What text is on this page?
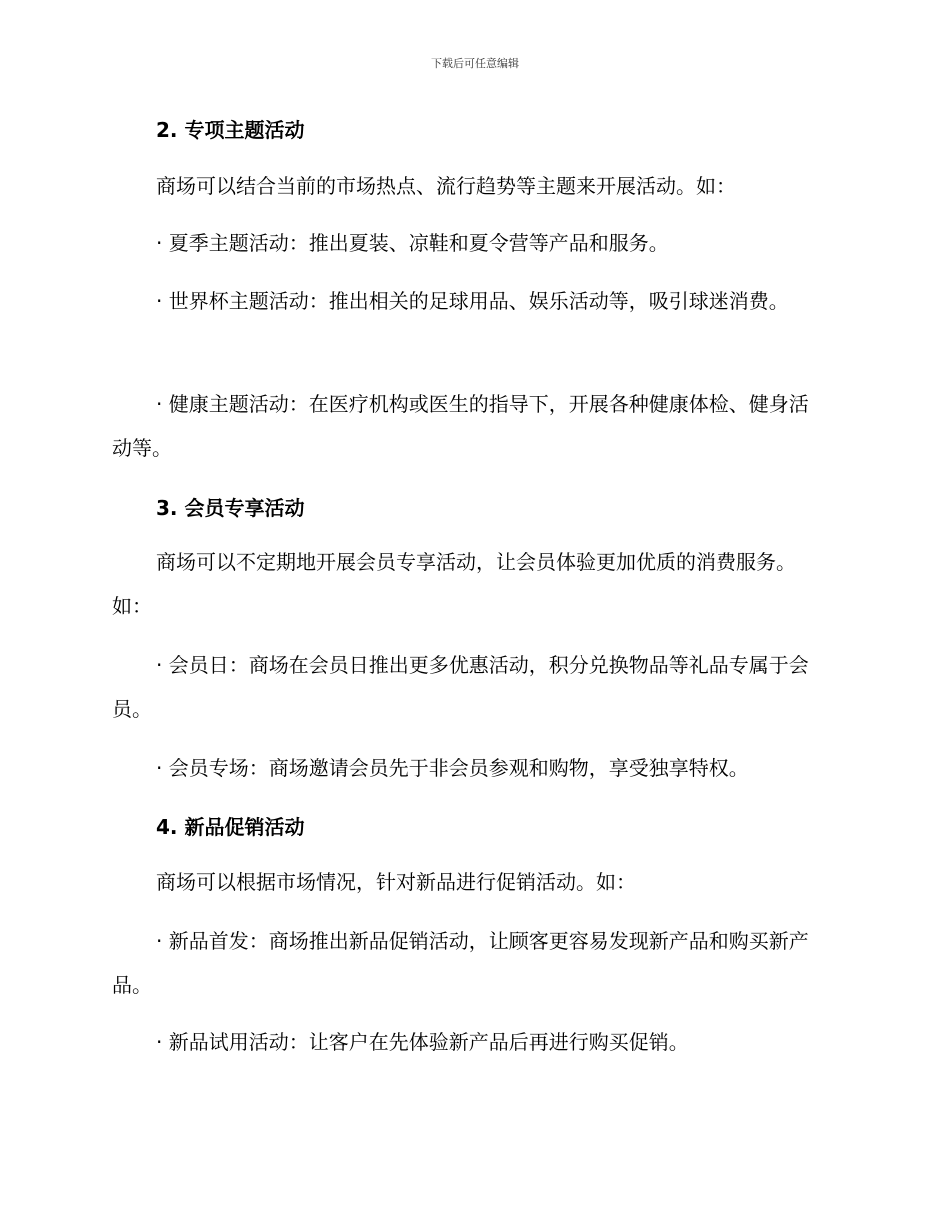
下载后可任意编辑
2. 专项主题活动

商场可以结合当前的市场热点、流行趋势等主题来开展活动。如：

· 夏季主题活动：推出夏装、凉鞋和夏令营等产品和服务。

· 世界杯主题活动：推出相关的足球用品、娱乐活动等，吸引球迷消费。

· 健康主题活动：在医疗机构或医生的指导下，开展各种健康体检、健身活动等。

3. 会员专享活动

商场可以不定期地开展会员专享活动，让会员体验更加优质的消费服务。如：

· 会员日：商场在会员日推出更多优惠活动，积分兑换物品等礼品专属于会员。

· 会员专场：商场邀请会员先于非会员参观和购物，享受独享特权。

4. 新品促销活动

商场可以根据市场情况，针对新品进行促销活动。如：

· 新品首发：商场推出新品促销活动，让顾客更容易发现新产品和购买新产品。

· 新品试用活动：让客户在先体验新产品后再进行购买促销。
